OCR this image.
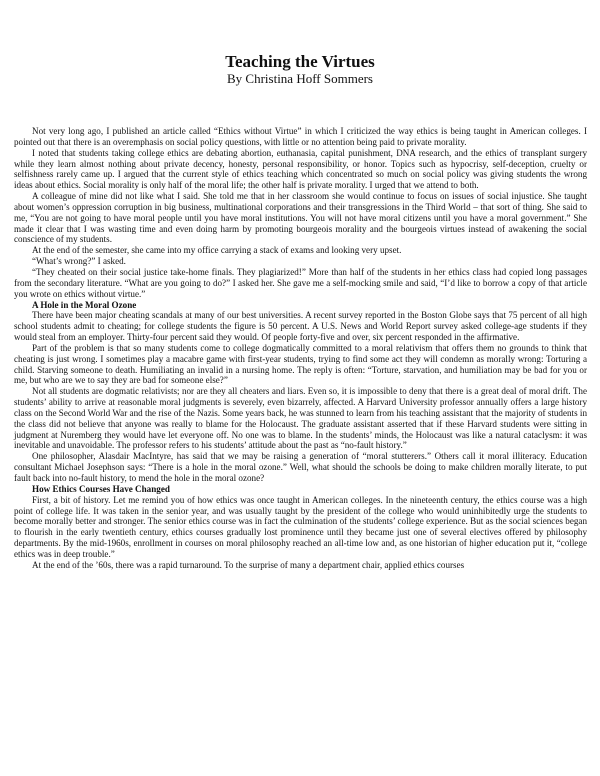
Teaching the Virtues
By Christina Hoff Sommers

Not very long ago, I published an article called “Ethics without Virtue” in which I criticized the way ethics is being taught in American colleges. I pointed out that there is an overemphasis on social policy questions, with little or no attention being paid to private morality.

I noted that students taking college ethics are debating abortion, euthanasia, capital punishment, DNA research, and the ethics of transplant surgery while they learn almost nothing about private decency, honesty, personal responsibility, or honor. Topics such as hypocrisy, self-deception, cruelty or selfishness rarely came up. I argued that the current style of ethics teaching which concentrated so much on social policy was giving students the wrong ideas about ethics. Social morality is only half of the moral life; the other half is private morality. I urged that we attend to both.

A colleague of mine did not like what I said. She told me that in her classroom she would continue to focus on issues of social injustice. She taught about women’s oppression corruption in big business, multinational corporations and their transgressions in the Third World – that sort of thing. She said to me, “You are not going to have moral people until you have moral institutions. You will not have moral citizens until you have a moral government.” She made it clear that I was wasting time and even doing harm by promoting bourgeois morality and the bourgeois virtues instead of awakening the social conscience of my students.

At the end of the semester, she came into my office carrying a stack of exams and looking very upset.

“What’s wrong?” I asked.

“They cheated on their social justice take-home finals. They plagiarized!” More than half of the students in her ethics class had copied long passages from the secondary literature. “What are you going to do?” I asked her. She gave me a self-mocking smile and said, “I’d like to borrow a copy of that article you wrote on ethics without virtue.”

A Hole in the Moral Ozone

There have been major cheating scandals at many of our best universities. A recent survey reported in the Boston Globe says that 75 percent of all high school students admit to cheating; for college students the figure is 50 percent. A U.S. News and World Report survey asked college-age students if they would steal from an employer. Thirty-four percent said they would. Of people forty-five and over, six percent responded in the affirmative.

Part of the problem is that so many students come to college dogmatically committed to a moral relativism that offers them no grounds to think that cheating is just wrong. I sometimes play a macabre game with first-year students, trying to find some act they will condemn as morally wrong: Torturing a child. Starving someone to death. Humiliating an invalid in a nursing home. The reply is often: “Torture, starvation, and humiliation may be bad for you or me, but who are we to say they are bad for someone else?”

Not all students are dogmatic relativists; nor are they all cheaters and liars. Even so, it is impossible to deny that there is a great deal of moral drift. The students’ ability to arrive at reasonable moral judgments is severely, even bizarrely, affected. A Harvard University professor annually offers a large history class on the Second World War and the rise of the Nazis. Some years back, he was stunned to learn from his teaching assistant that the majority of students in the class did not believe that anyone was really to blame for the Holocaust. The graduate assistant asserted that if these Harvard students were sitting in judgment at Nuremberg they would have let everyone off. No one was to blame. In the students’ minds, the Holocaust was like a natural cataclysm: it was inevitable and unavoidable. The professor refers to his students’ attitude about the past as “no-fault history.”

One philosopher, Alasdair MacIntyre, has said that we may be raising a generation of “moral stutterers.” Others call it moral illiteracy. Education consultant Michael Josephson says: “There is a hole in the moral ozone.” Well, what should the schools be doing to make children morally literate, to put fault back into no-fault history, to mend the hole in the moral ozone?

How Ethics Courses Have Changed

First, a bit of history. Let me remind you of how ethics was once taught in American colleges. In the nineteenth century, the ethics course was a high point of college life. It was taken in the senior year, and was usually taught by the president of the college who would uninhibitedly urge the students to become morally better and stronger. The senior ethics course was in fact the culmination of the students’ college experience. But as the social sciences began to flourish in the early twentieth century, ethics courses gradually lost prominence until they became just one of several electives offered by philosophy departments. By the mid-1960s, enrollment in courses on moral philosophy reached an all-time low and, as one historian of higher education put it, “college ethics was in deep trouble.”

At the end of the ’60s, there was a rapid turnaround. To the surprise of many a department chair, applied ethics courses
